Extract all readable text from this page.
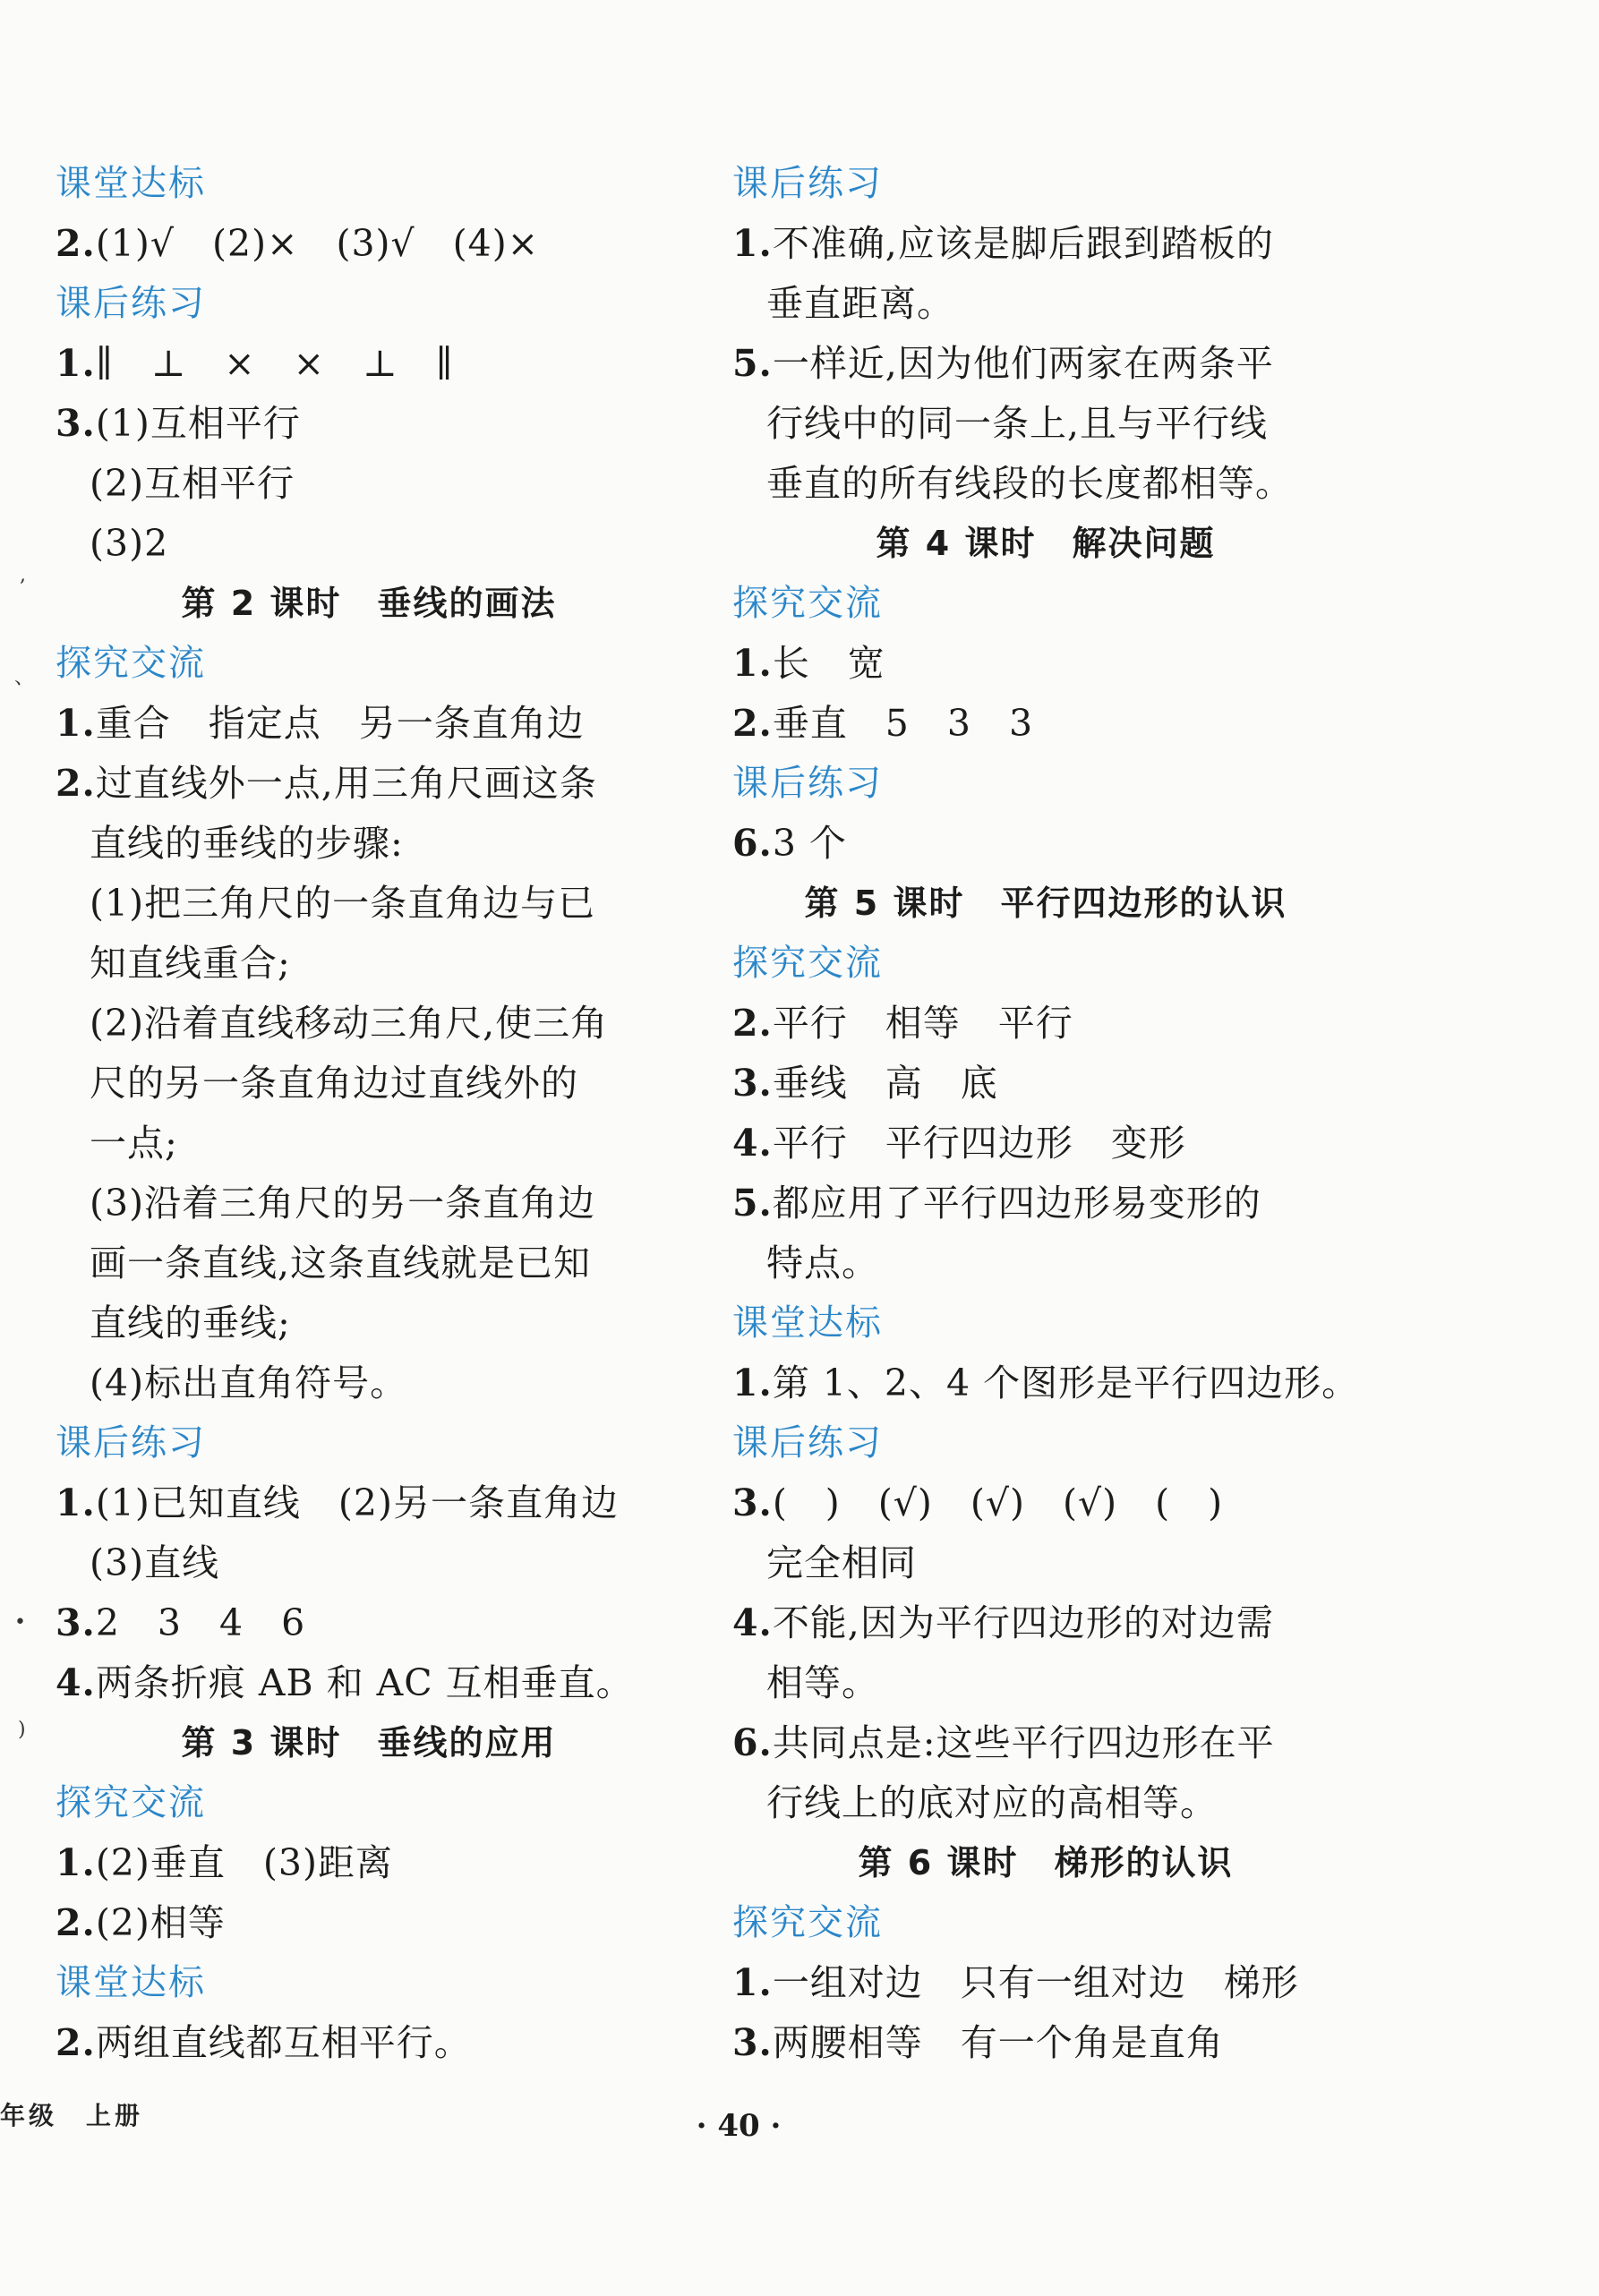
课堂达标
2.(1)√　(2)×　(3)√　(4)×
课后练习
1.∥　⊥　×　×　⊥　∥
3.(1)互相平行
(2)互相平行
(3)2
第 2 课时　垂线的画法
探究交流
1.重合　指定点　另一条直角边
2.过直线外一点,用三角尺画这条
直线的垂线的步骤:
(1)把三角尺的一条直角边与已
知直线重合;
(2)沿着直线移动三角尺,使三角
尺的另一条直角边过直线外的
一点;
(3)沿着三角尺的另一条直角边
画一条直线,这条直线就是已知
直线的垂线;
(4)标出直角符号。
课后练习
1.(1)已知直线　(2)另一条直角边
(3)直线
3.2　3　4　6
4.两条折痕 AB 和 AC 互相垂直。
第 3 课时　垂线的应用
探究交流
1.(2)垂直　(3)距离
2.(2)相等
课堂达标
2.两组直线都互相平行。
课后练习
1.不准确,应该是脚后跟到踏板的
垂直距离。
5.一样近,因为他们两家在两条平
行线中的同一条上,且与平行线
垂直的所有线段的长度都相等。
第 4 课时　解决问题
探究交流
1.长　宽
2.垂直　5　3　3
课后练习
6.3 个
第 5 课时　平行四边形的认识
探究交流
2.平行　相等　平行
3.垂线　高　底
4.平行　平行四边形　变形
5.都应用了平行四边形易变形的
特点。
课堂达标
1.第 1、2、4 个图形是平行四边形。
课后练习
3.(　)　(√)　(√)　(√)　(　)
完全相同
4.不能,因为平行四边形的对边需
相等。
6.共同点是:这些平行四边形在平
行线上的底对应的高相等。
第 6 课时　梯形的认识
探究交流
1.一组对边　只有一组对边　梯形
3.两腰相等　有一个角是直角
,
、
•
)
年级　上册	· 40 ·
